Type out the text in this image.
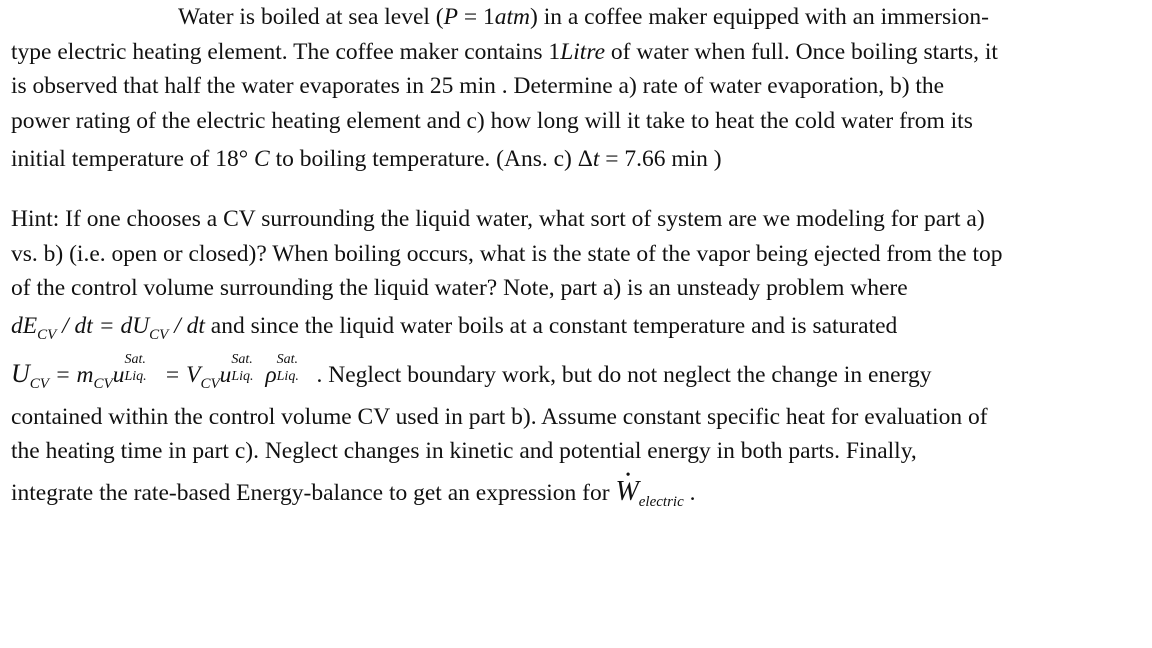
Water is boiled at sea level (P = 1atm) in a coffee maker equipped with an immersion-
type electric heating element. The coffee maker contains 1Litre of water when full. Once boiling starts, it
is observed that half the water evaporates in 25 min . Determine a) rate of water evaporation, b) the
power rating of the electric heating element and c) how long will it take to heat the cold water from its
initial temperature of 18° C to boiling temperature. (Ans. c) Δt = 7.66 min )
Hint: If one chooses a CV surrounding the liquid water, what sort of system are we modeling for part a)
vs. b) (i.e. open or closed)? When boiling occurs, what is the state of the vapor being ejected from the top
of the control volume surrounding the liquid water? Note, part a) is an unsteady problem where
$dE_{CV}$ / dt = $dU_{CV}$ / dt and since the liquid water boils at a constant temperature and is saturated
$U_{CV} = m_{CV}u$
Sat.
Liq. = $V_{CV}u$
Sat.
Liq. ρ
Sat.
Liq. . Neglect boundary work, but do not neglect the change in energy
contained within the control volume CV used in part b). Assume constant specific heat for evaluation of
the heating time in part c). Neglect changes in kinetic and potential energy in both parts. Finally,
integrate the rate-based Energy-balance to get an expression for W $•_{electric}$ .
